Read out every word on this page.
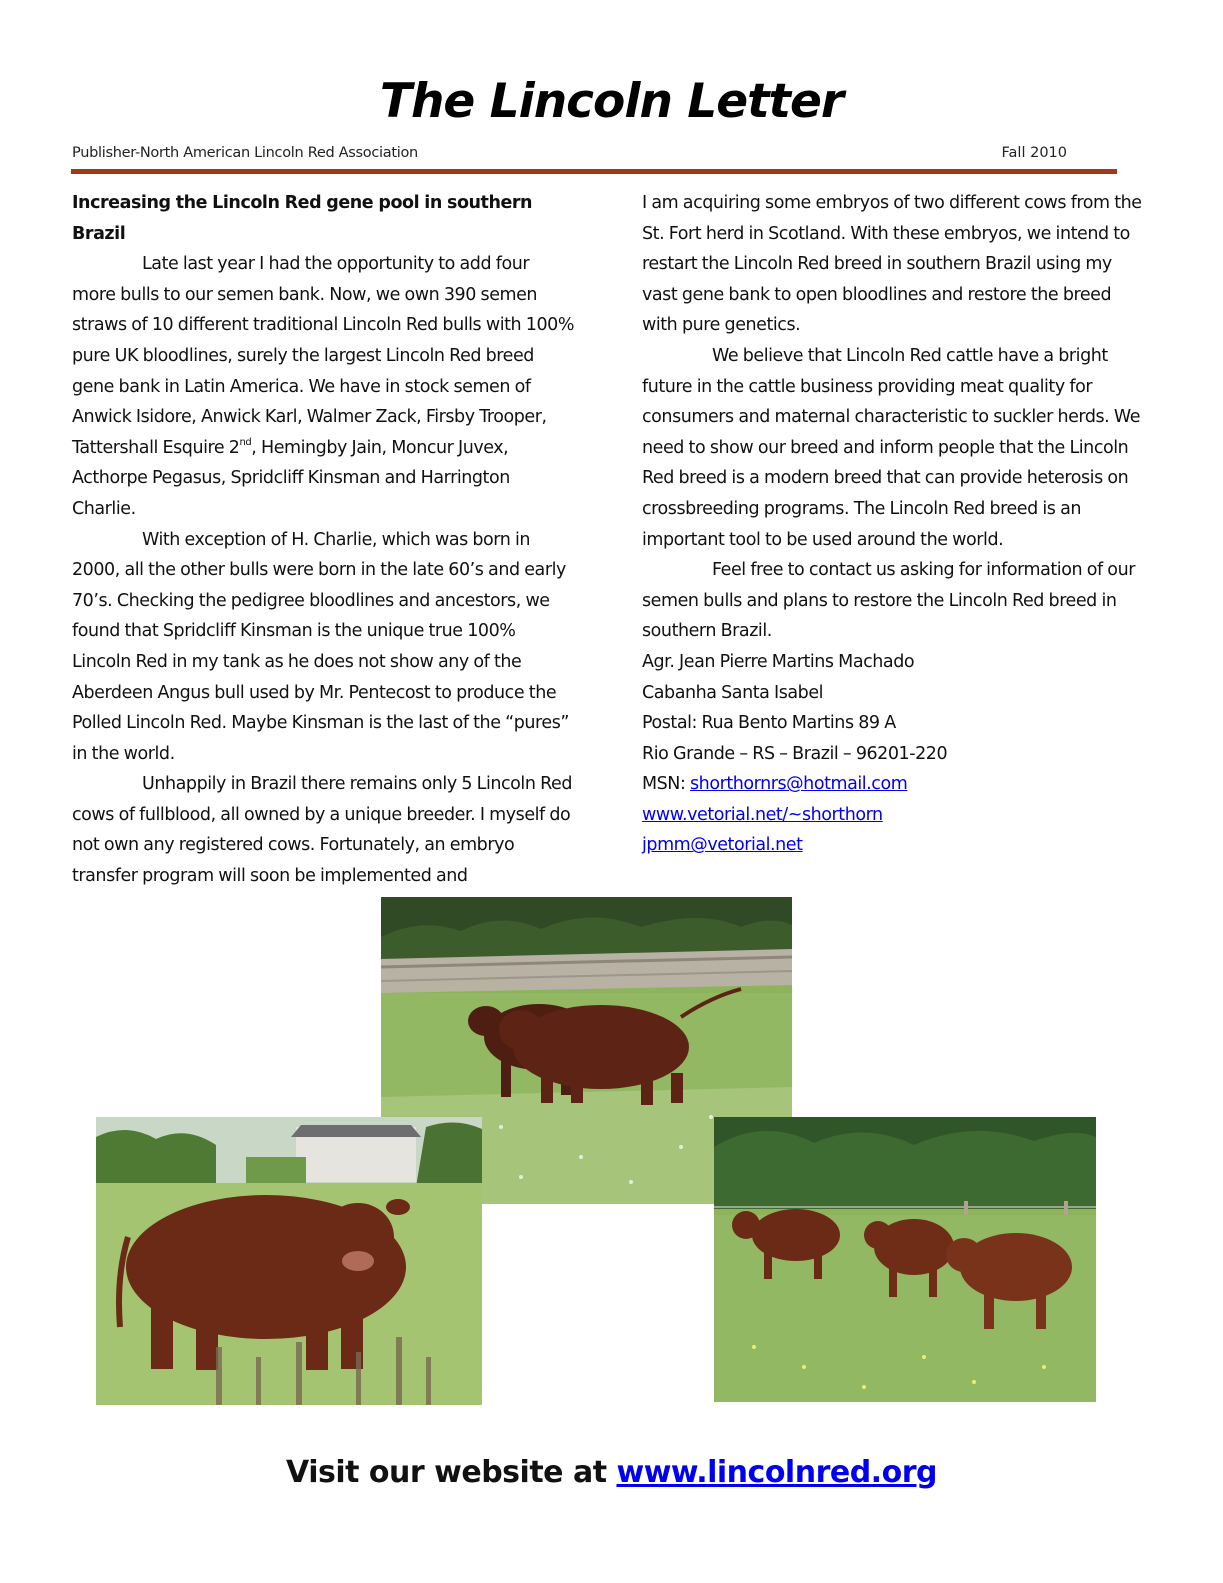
The Lincoln Letter
Publisher-North American Lincoln Red Association	Fall 2010

Increasing the Lincoln Red gene pool in southern Brazil

Late last year I had the opportunity to add four more bulls to our semen bank. Now, we own 390 semen straws of 10 different traditional Lincoln Red bulls with 100% pure UK bloodlines, surely the largest Lincoln Red breed gene bank in Latin America. We have in stock semen of Anwick Isidore, Anwick Karl, Walmer Zack, Firsby Trooper, Tattershall Esquire 2nd, Hemingby Jain, Moncur Juvex, Acthorpe Pegasus, Spridcliff Kinsman and Harrington Charlie.

With exception of H. Charlie, which was born in 2000, all the other bulls were born in the late 60’s and early 70’s. Checking the pedigree bloodlines and ancestors, we found that Spridcliff Kinsman is the unique true 100% Lincoln Red in my tank as he does not show any of the Aberdeen Angus bull used by Mr. Pentecost to produce the Polled Lincoln Red. Maybe Kinsman is the last of the “pures” in the world.

Unhappily in Brazil there remains only 5 Lincoln Red cows of fullblood, all owned by a unique breeder. I myself do not own any registered cows. Fortunately, an embryo transfer program will soon be implemented and

I am acquiring some embryos of two different cows from the St. Fort herd in Scotland. With these embryos, we intend to restart the Lincoln Red breed in southern Brazil using my vast gene bank to open bloodlines and restore the breed with pure genetics.

We believe that Lincoln Red cattle have a bright future in the cattle business providing meat quality for consumers and maternal characteristic to suckler herds. We need to show our breed and inform people that the Lincoln Red breed is a modern breed that can provide heterosis on crossbreeding programs. The Lincoln Red breed is an important tool to be used around the world.

Feel free to contact us asking for information of our semen bulls and plans to restore the Lincoln Red breed in southern Brazil.

Agr. Jean Pierre Martins Machado

Cabanha Santa Isabel

Postal: Rua Bento Martins 89 A

Rio Grande – RS – Brazil – 96201-220

MSN: shorthornrs@hotmail.com

www.vetorial.net/~shorthorn

jpmm@vetorial.net

Visit our website at www.lincolnred.org
